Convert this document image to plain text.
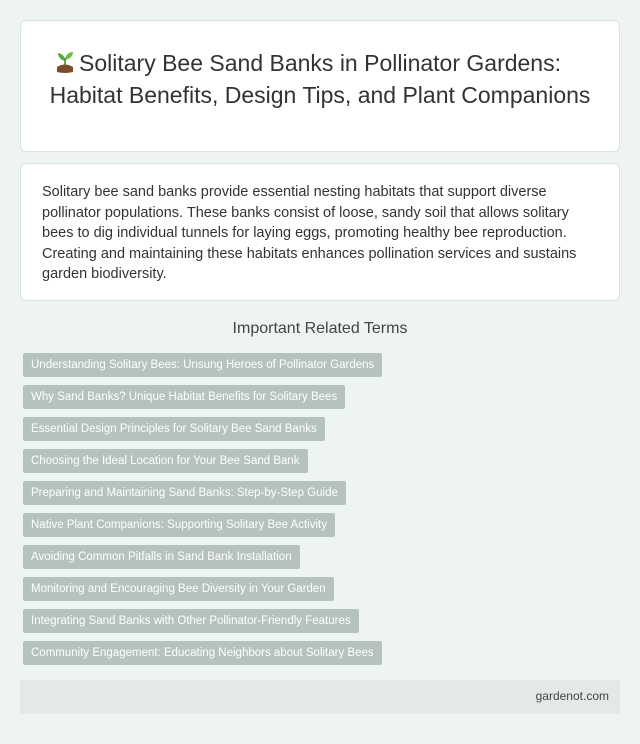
Solitary Bee Sand Banks in Pollinator Gardens: Habitat Benefits, Design Tips, and Plant Companions

Solitary bee sand banks provide essential nesting habitats that support diverse pollinator populations. These banks consist of loose, sandy soil that allows solitary bees to dig individual tunnels for laying eggs, promoting healthy bee reproduction. Creating and maintaining these habitats enhances pollination services and sustains garden biodiversity.

Important Related Terms
Understanding Solitary Bees: Unsung Heroes of Pollinator Gardens
Why Sand Banks? Unique Habitat Benefits for Solitary Bees
Essential Design Principles for Solitary Bee Sand Banks
Choosing the Ideal Location for Your Bee Sand Bank
Preparing and Maintaining Sand Banks: Step-by-Step Guide
Native Plant Companions: Supporting Solitary Bee Activity
Avoiding Common Pitfalls in Sand Bank Installation
Monitoring and Encouraging Bee Diversity in Your Garden
Integrating Sand Banks with Other Pollinator-Friendly Features
Community Engagement: Educating Neighbors about Solitary Bees
gardenot.com
